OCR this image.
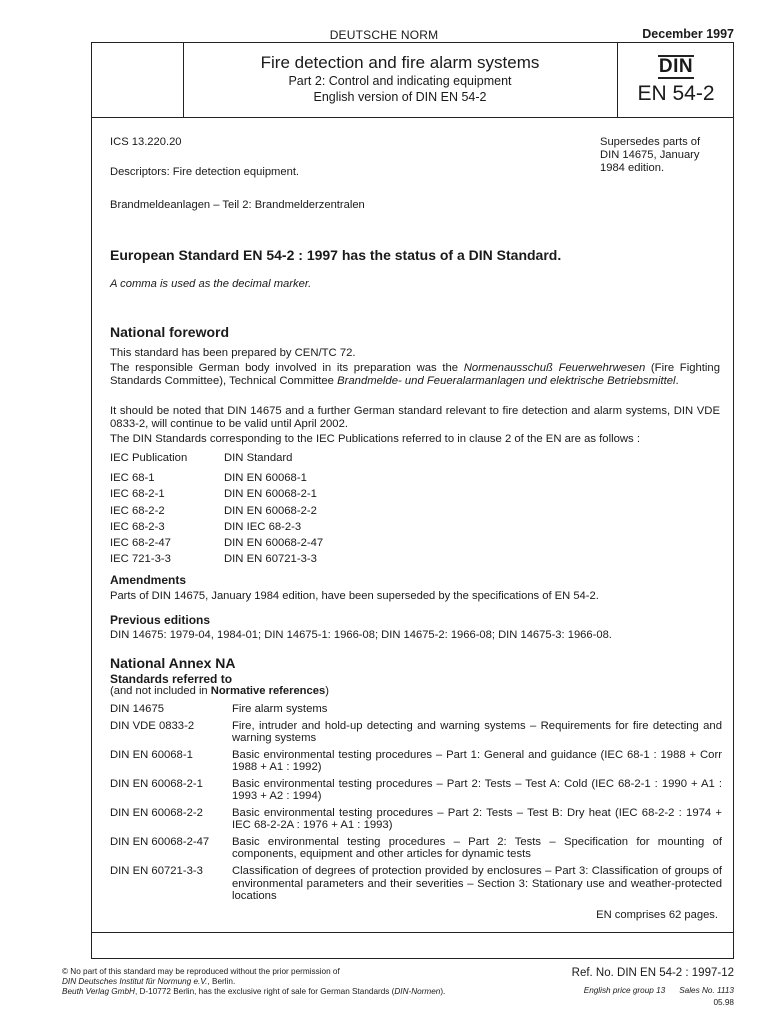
DEUTSCHE NORM	December 1997
Fire detection and fire alarm systems
Part 2: Control and indicating equipment
English version of DIN EN 54-2
DIN
EN 54-2
ICS 13.220.20
Descriptors: Fire detection equipment.
Brandmeldeanlagen – Teil 2: Brandmelderzentralen
Supersedes parts of
DIN 14675, January
1984 edition.
European Standard EN 54-2 : 1997 has the status of a DIN Standard.
A comma is used as the decimal marker.
National foreword
This standard has been prepared by CEN/TC 72.
The responsible German body involved in its preparation was the Normenausschuß Feuerwehrwesen (Fire Fighting Standards Committee), Technical Committee Brandmelde- und Feueralarmanlagen und elektrische Betriebsmittel.
It should be noted that DIN 14675 and a further German standard relevant to fire detection and alarm systems, DIN VDE 0833-2, will continue to be valid until April 2002.
The DIN Standards corresponding to the IEC Publications referred to in clause 2 of the EN are as follows :
IEC Publication	DIN Standard

IEC 68-1	DIN EN 60068-1
IEC 68-2-1	DIN EN 60068-2-1
IEC 68-2-2	DIN EN 60068-2-2
IEC 68-2-3	DIN IEC 68-2-3
IEC 68-2-47	DIN EN 60068-2-47
IEC 721-3-3	DIN EN 60721-3-3
Amendments
Parts of DIN 14675, January 1984 edition, have been superseded by the specifications of EN 54-2.
Previous editions
DIN 14675: 1979-04, 1984-01; DIN 14675-1: 1966-08; DIN 14675-2: 1966-08; DIN 14675-3: 1966-08.
National Annex NA
Standards referred to
(and not included in Normative references)
DIN 14675	Fire alarm systems
DIN VDE 0833-2	Fire, intruder and hold-up detecting and warning systems – Requirements for fire detecting and warning systems
DIN EN 60068-1	Basic environmental testing procedures – Part 1: General and guidance (IEC 68-1 : 1988 + Corr 1988 + A1 : 1992)
DIN EN 60068-2-1	Basic environmental testing procedures – Part 2: Tests – Test A: Cold (IEC 68-2-1 : 1990 + A1 : 1993 + A2 : 1994)
DIN EN 60068-2-2	Basic environmental testing procedures – Part 2: Tests – Test B: Dry heat (IEC 68-2-2 : 1974 + IEC 68-2-2A : 1976 + A1 : 1993)
DIN EN 60068-2-47	Basic environmental testing procedures – Part 2: Tests – Specification for mounting of components, equipment and other articles for dynamic tests
DIN EN 60721-3-3	Classification of degrees of protection provided by enclosures – Part 3: Classification of groups of environmental parameters and their severities – Section 3: Stationary use and weather-protected locations
EN comprises 62 pages.
© No part of this standard may be reproduced without the prior permission of
DIN Deutsches Institut für Normung e.V., Berlin.
Beuth Verlag GmbH, D-10772 Berlin, has the exclusive right of sale for German Standards (DIN-Normen).
Ref. No. DIN EN 54-2 : 1997-12
English price group 13 Sales No. 1113
05.98
